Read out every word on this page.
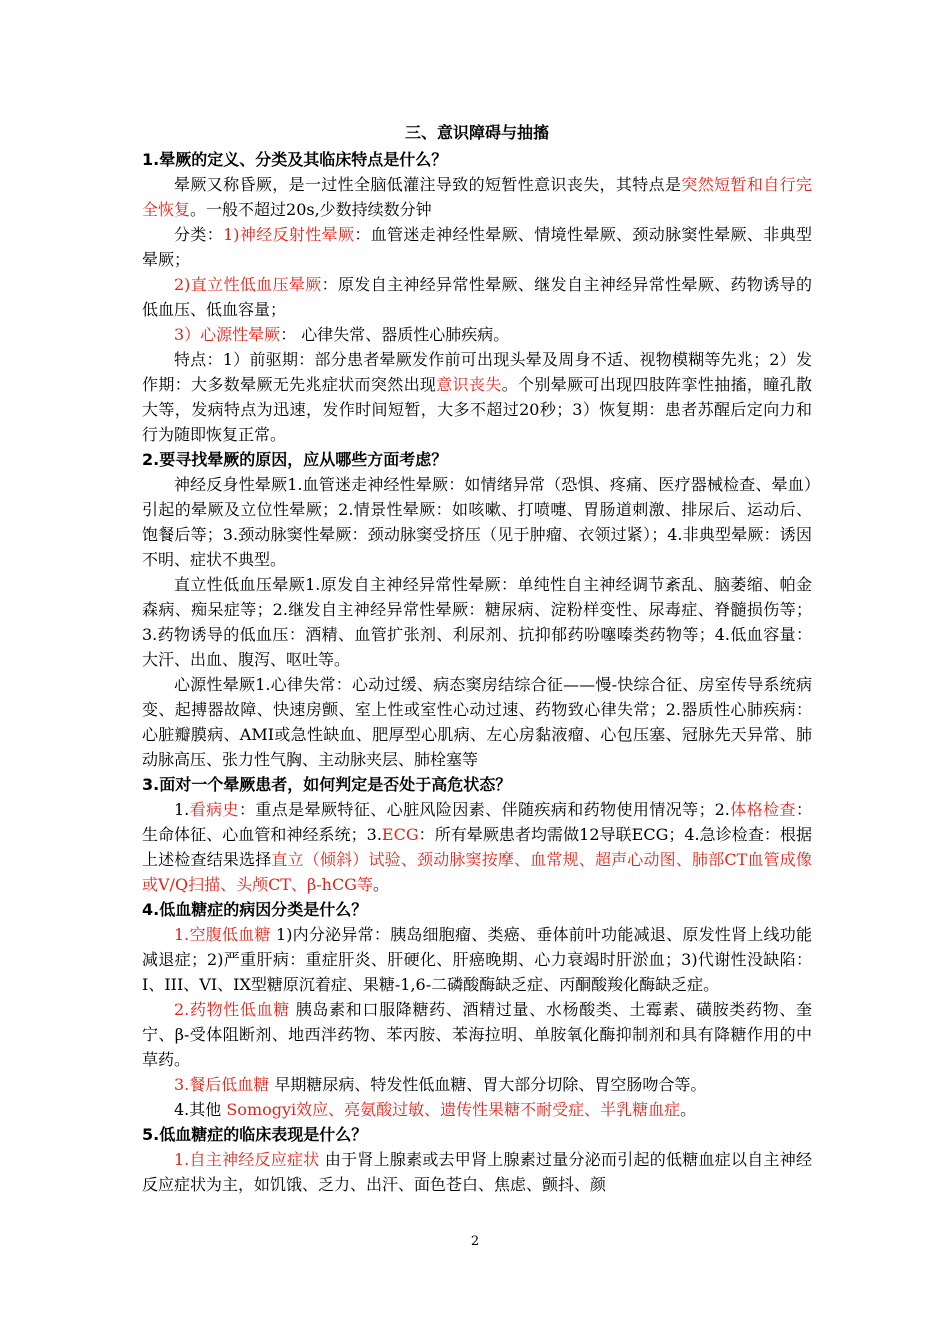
三、意识障碍与抽搐
1.晕厥的定义、分类及其临床特点是什么？

晕厥又称昏厥，是一过性全脑低灌注导致的短暂性意识丧失，其特点是突然短暂和自行完全恢复。一般不超过20s,少数持续数分钟

分类：1)神经反射性晕厥：血管迷走神经性晕厥、情境性晕厥、颈动脉窦性晕厥、非典型晕厥；

2)直立性低血压晕厥：原发自主神经异常性晕厥、继发自主神经异常性晕厥、药物诱导的低血压、低血容量；

3）心源性晕厥： 心律失常、器质性心肺疾病。

特点：1）前驱期：部分患者晕厥发作前可出现头晕及周身不适、视物模糊等先兆；2）发作期：大多数晕厥无先兆症状而突然出现意识丧失。个别晕厥可出现四肢阵挛性抽搐，瞳孔散大等，发病特点为迅速，发作时间短暂，大多不超过20秒；3）恢复期：患者苏醒后定向力和行为随即恢复正常。

2.要寻找晕厥的原因，应从哪些方面考虑？

神经反身性晕厥1.血管迷走神经性晕厥：如情绪异常（恐惧、疼痛、医疗器械检查、晕血）引起的晕厥及立位性晕厥；2.情景性晕厥：如咳嗽、打喷嚏、胃肠道刺激、排尿后、运动后、饱餐后等；3.颈动脉窦性晕厥：颈动脉窦受挤压（见于肿瘤、衣领过紧）；4.非典型晕厥：诱因不明、症状不典型。

直立性低血压晕厥1.原发自主神经异常性晕厥：单纯性自主神经调节紊乱、脑萎缩、帕金森病、痴呆症等；2.继发自主神经异常性晕厥：糖尿病、淀粉样变性、尿毒症、脊髓损伤等；3.药物诱导的低血压：酒精、血管扩张剂、利尿剂、抗抑郁药吩噻嗪类药物等；4.低血容量：大汗、出血、腹泻、呕吐等。

心源性晕厥1.心律失常：心动过缓、病态窦房结综合征——慢-快综合征、房室传导系统病变、起搏器故障、快速房颤、室上性或室性心动过速、药物致心律失常；2.器质性心肺疾病：心脏瓣膜病、AMI或急性缺血、肥厚型心肌病、左心房黏液瘤、心包压塞、冠脉先天异常、肺动脉高压、张力性气胸、主动脉夹层、肺栓塞等

3.面对一个晕厥患者，如何判定是否处于高危状态？

1.看病史：重点是晕厥特征、心脏风险因素、伴随疾病和药物使用情况等；2.体格检查：生命体征、心血管和神经系统；3.ECG：所有晕厥患者均需做12导联ECG；4.急诊检查：根据上述检查结果选择直立（倾斜）试验、颈动脉窦按摩、血常规、超声心动图、肺部CT血管成像或V/Q扫描、头颅CT、β-hCG等。

4.低血糖症的病因分类是什么？

1.空腹低血糖 1)内分泌异常：胰岛细胞瘤、类癌、垂体前叶功能减退、原发性肾上线功能减退症；2)严重肝病：重症肝炎、肝硬化、肝癌晚期、心力衰竭时肝淤血；3)代谢性没缺陷：I、III、VI、IX型糖原沉着症、果糖-1,6-二磷酸酶缺乏症、丙酮酸羧化酶缺乏症。

2.药物性低血糖 胰岛素和口服降糖药、酒精过量、水杨酸类、土霉素、磺胺类药物、奎宁、β-受体阻断剂、地西泮药物、苯丙胺、苯海拉明、单胺氧化酶抑制剂和具有降糖作用的中草药。

3.餐后低血糖 早期糖尿病、特发性低血糖、胃大部分切除、胃空肠吻合等。

4.其他 Somogyi效应、亮氨酸过敏、遗传性果糖不耐受症、半乳糖血症。

5.低血糖症的临床表现是什么？

1.自主神经反应症状 由于肾上腺素或去甲肾上腺素过量分泌而引起的低糖血症以自主神经反应症状为主，如饥饿、乏力、出汗、面色苍白、焦虑、颤抖、颜

2
